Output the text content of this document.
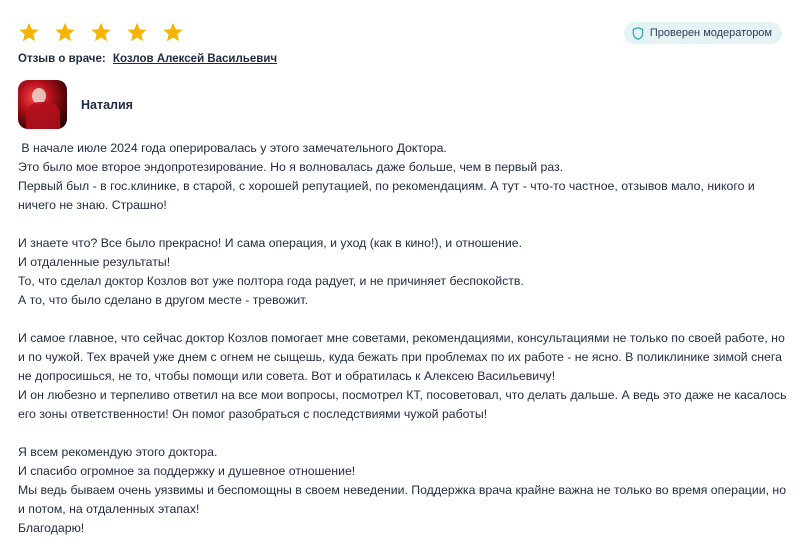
Проверен модератором
Отзыв о враче: Козлов Алексей Васильевич
Наталия

В начале июле 2024 года оперировалась у этого замечательного Доктора.
Это было мое второе эндопротезирование. Но я волновалась даже больше, чем в первый раз.
Первый был - в гос.клинике, в старой, с хорошей репутацией, по рекомендациям. А тут - что-то частное, отзывов мало, никого и ничего не знаю. Страшно!

И знаете что? Все было прекрасно! И сама операция, и уход (как в кино!), и отношение.
И отдаленные результаты!
То, что сделал доктор Козлов вот уже полтора года радует, и не причиняет беспокойств.
А то, что было сделано в другом месте - тревожит.

И самое главное, что сейчас доктор Козлов помогает мне советами, рекомендациями, консультациями не только по своей работе, но и по чужой. Тех врачей уже днем с огнем не сыщешь, куда бежать при проблемах по их работе - не ясно. В поликлинике зимой снега не допросишься, не то, чтобы помощи или совета. Вот и обратилась к Алексею Васильевичу!
И он любезно и терпеливо ответил на все мои вопросы, посмотрел КТ, посоветовал, что делать дальше. А ведь это даже не касалось его зоны ответственности! Он помог разобраться с последствиями чужой работы!

Я всем рекомендую этого доктора.
И спасибо огромное за поддержку и душевное отношение!
Мы ведь бываем очень уязвимы и беспомощны в своем неведении. Поддержка врача крайне важна не только во время операции, но и потом, на отдаленных этапах!
Благодарю!
